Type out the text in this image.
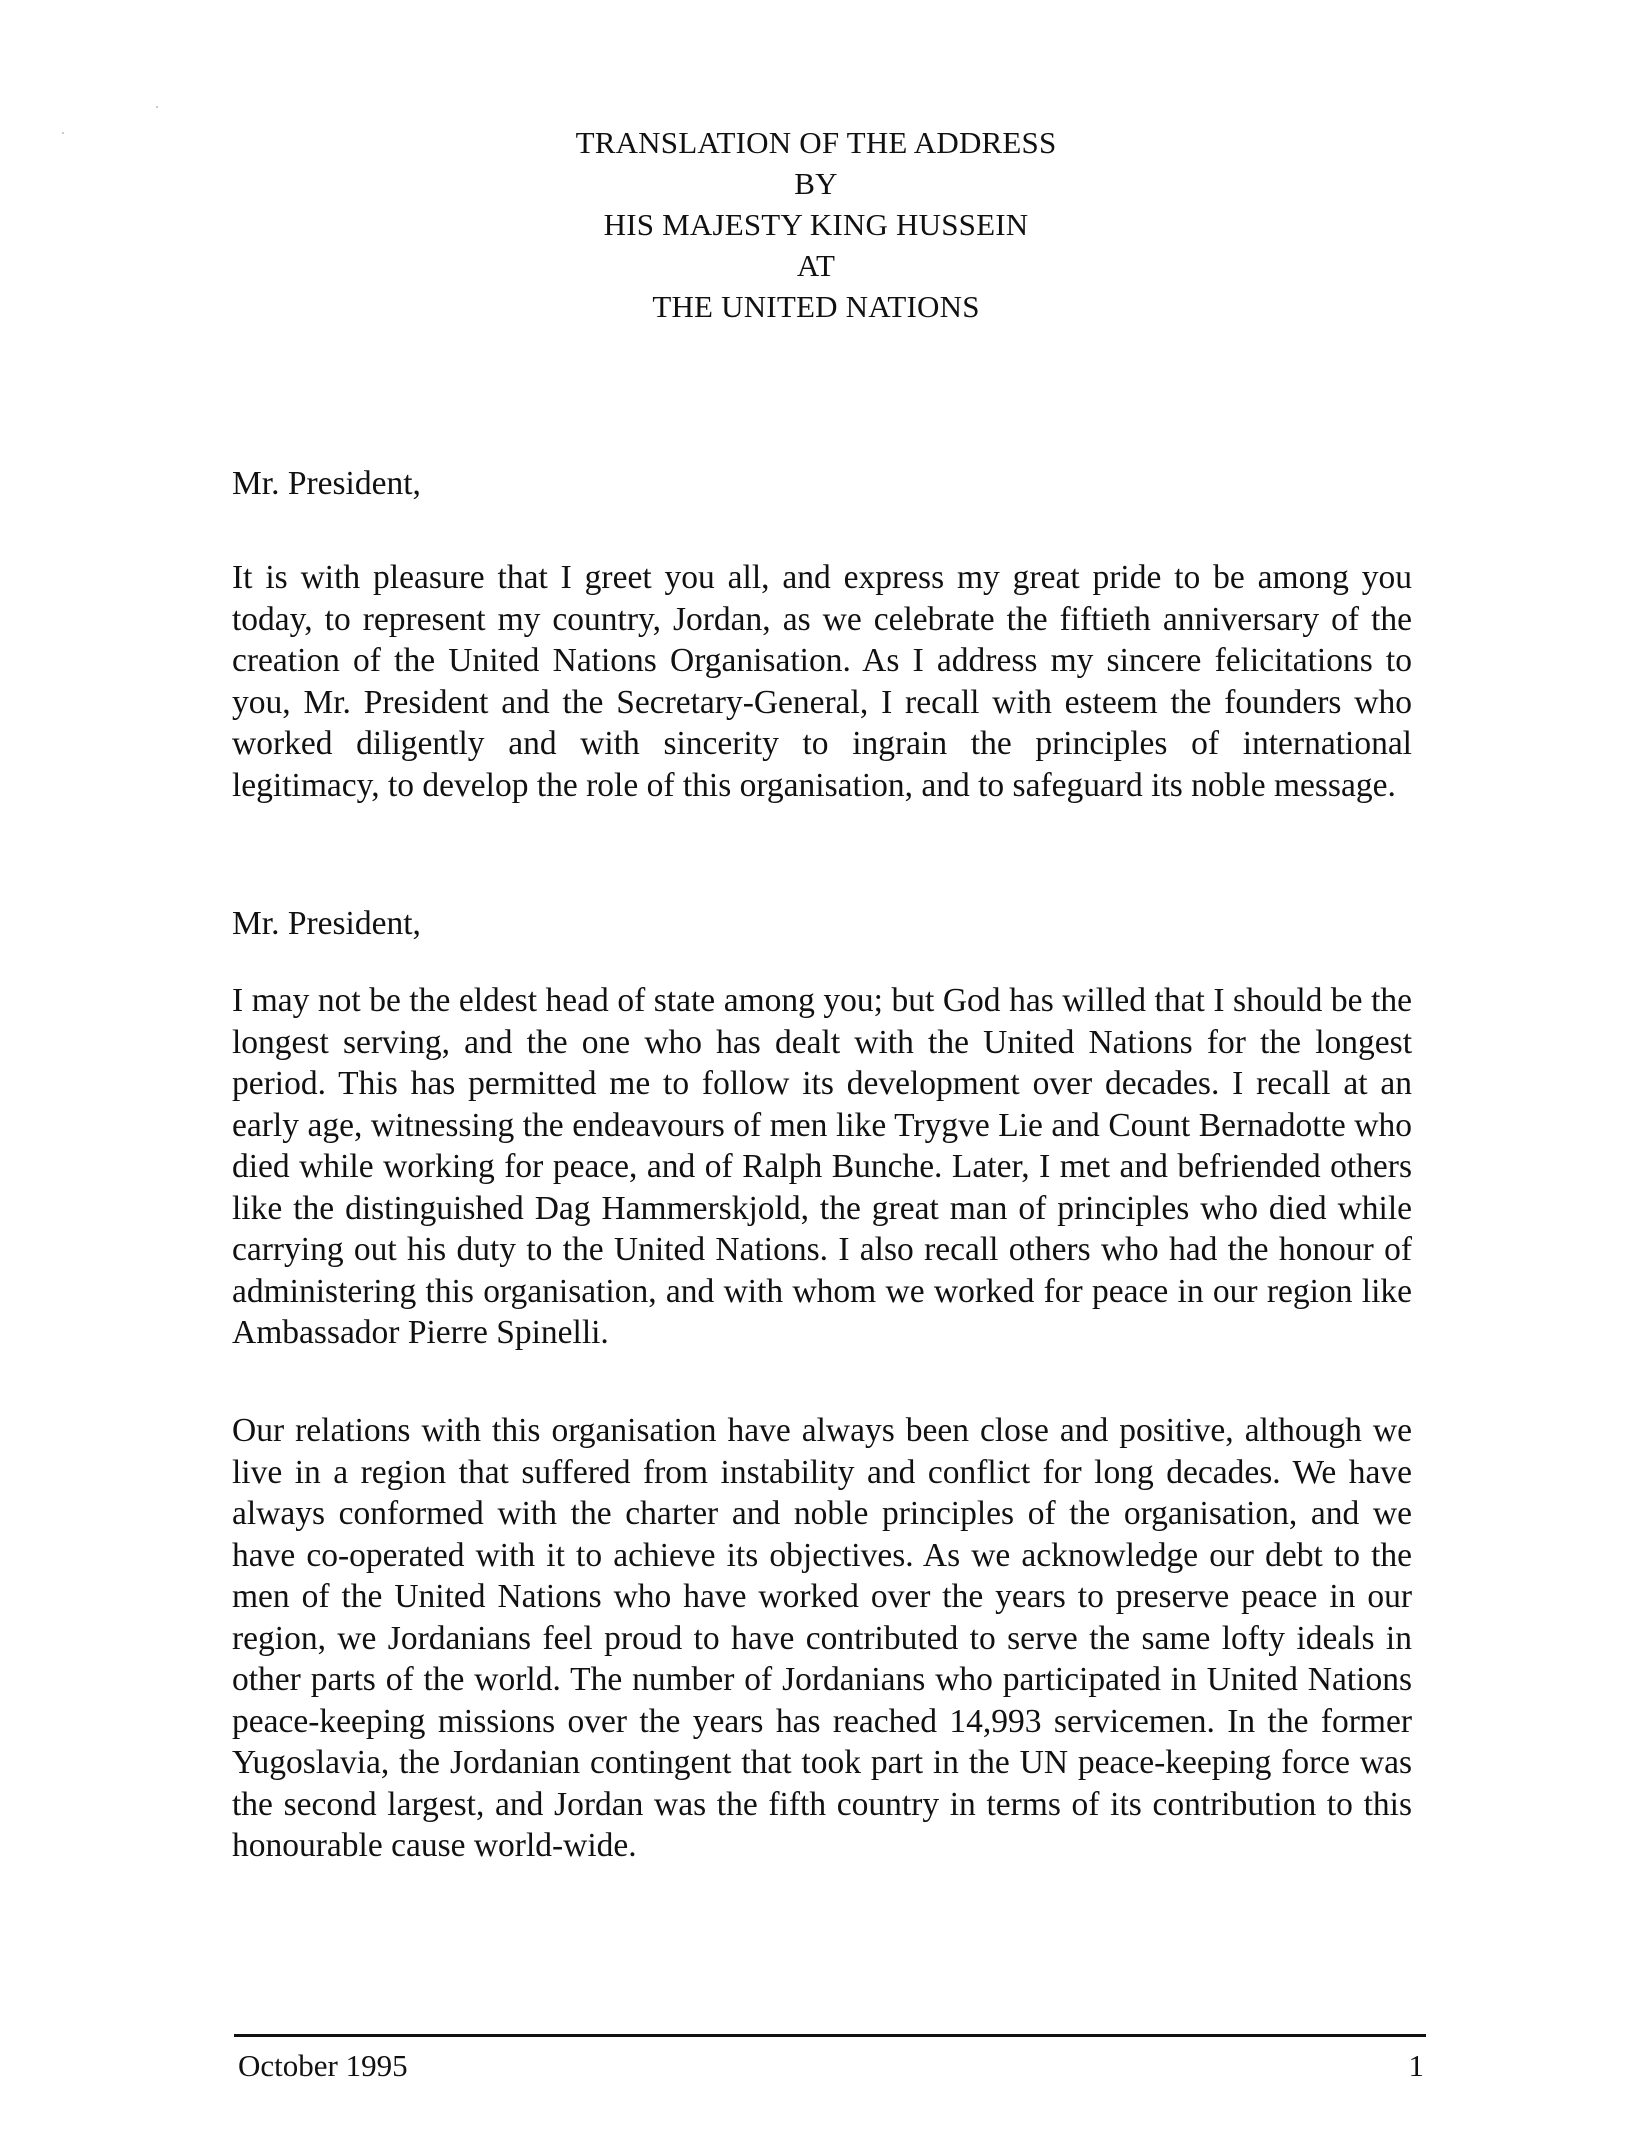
TRANSLATION OF THE ADDRESS
BY
HIS MAJESTY KING HUSSEIN
AT
THE UNITED NATIONS
Mr. President,
It is with pleasure that I greet you all, and express my great pride to be among you today, to represent my country, Jordan, as we celebrate the fiftieth anniversary of the creation of the United Nations Organisation. As I address my sincere felicitations to you, Mr. President and the Secretary-General, I recall with esteem the founders who worked diligently and with sincerity to ingrain the principles of international legitimacy, to develop the role of this organisation, and to safeguard its noble message.
Mr. President,
I may not be the eldest head of state among you; but God has willed that I should be the longest serving, and the one who has dealt with the United Nations for the longest period. This has permitted me to follow its development over decades. I recall at an early age, witnessing the endeavours of men like Trygve Lie and Count Bernadotte who died while working for peace, and of Ralph Bunche. Later, I met and befriended others like the distinguished Dag Hammerskjold, the great man of principles who died while carrying out his duty to the United Nations. I also recall others who had the honour of administering this organisation, and with whom we worked for peace in our region like Ambassador Pierre Spinelli.
Our relations with this organisation have always been close and positive, although we live in a region that suffered from instability and conflict for long decades. We have always conformed with the charter and noble principles of the organisation, and we have co-operated with it to achieve its objectives. As we acknowledge our debt to the men of the United Nations who have worked over the years to preserve peace in our region, we Jordanians feel proud to have contributed to serve the same lofty ideals in other parts of the world. The number of Jordanians who participated in United Nations peace-keeping missions over the years has reached 14,993 servicemen. In the former Yugoslavia, the Jordanian contingent that took part in the UN peace-keeping force was the second largest, and Jordan was the fifth country in terms of its contribution to this honourable cause world-wide.
October 1995	1
